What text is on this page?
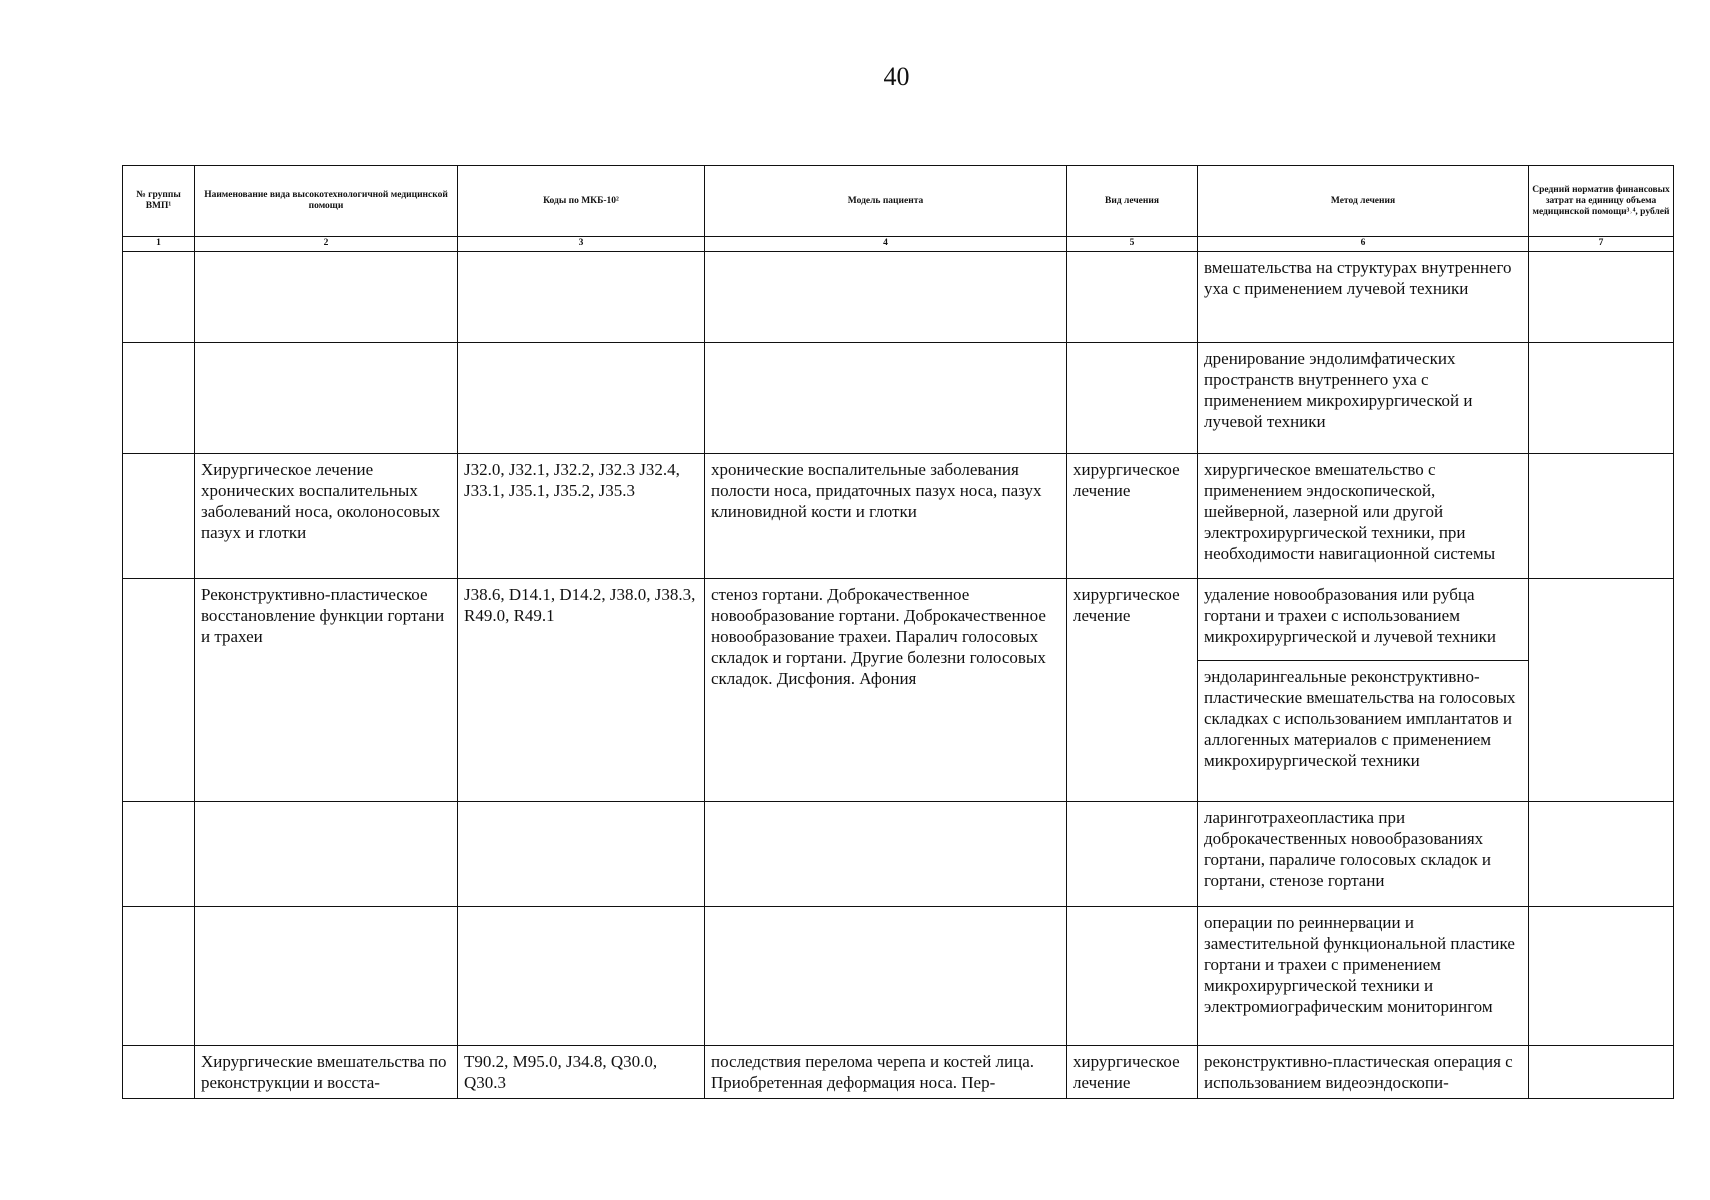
40
№ группы ВМП¹	Наименование вида высокотехнологичной медицинской помощи	Коды по МКБ-10²	Модель пациента	Вид лечения	Метод лечения	Средний норматив финансовых затрат на единицу объема медицинской помощи³˒⁴, рублей
1	2	3	4	5	6	7
					вмешательства на структурах внутреннего уха с применением лучевой техники	
					дренирование эндолимфатических пространств внутреннего уха с применением микрохирургической и лучевой техники	
	Хирургическое лечение хронических воспалительных заболеваний носа, околоносовых пазух и глотки	J32.0, J32.1, J32.2, J32.3 J32.4, J33.1, J35.1, J35.2, J35.3	хронические воспалительные заболевания полости носа, придаточных пазух носа, пазух клиновидной кости и глотки	хирургическое лечение	хирургическое вмешательство с применением эндоскопической, шейверной, лазерной или другой электрохирургической техники, при необходимости навигационной системы	
	Реконструктивно-пластическое восстановление функции гортани и трахеи	J38.6, D14.1, D14.2, J38.0, J38.3, R49.0, R49.1	стеноз гортани. Доброкачественное новообразование гортани. Доброкачественное новообразование трахеи. Паралич голосовых складок и гортани. Другие болезни голосовых складок. Дисфония. Афония	хирургическое лечение	удаление новообразования или рубца гортани и трахеи с использованием микрохирургической и лучевой техники	
					эндоларингеальные реконструктивно-пластические вмешательства на голосовых складках с использованием имплантатов и аллогенных материалов с применением микрохирургической техники	
					ларинготрахеопластика при доброкачественных новообразованиях гортани, параличе голосовых складок и гортани, стенозе гортани	
					операции по реиннервации и заместительной функциональной пластике гортани и трахеи с применением микрохирургической техники и электромиографическим мониторингом	
	Хирургические вмешательства по реконструкции и восста-	T90.2, M95.0, J34.8, Q30.0, Q30.3	последствия перелома черепа и костей лица. Приобретенная деформация носа. Пер-	хирургическое лечение	реконструктивно-пластическая операция с использованием видеоэндоскопи-	
